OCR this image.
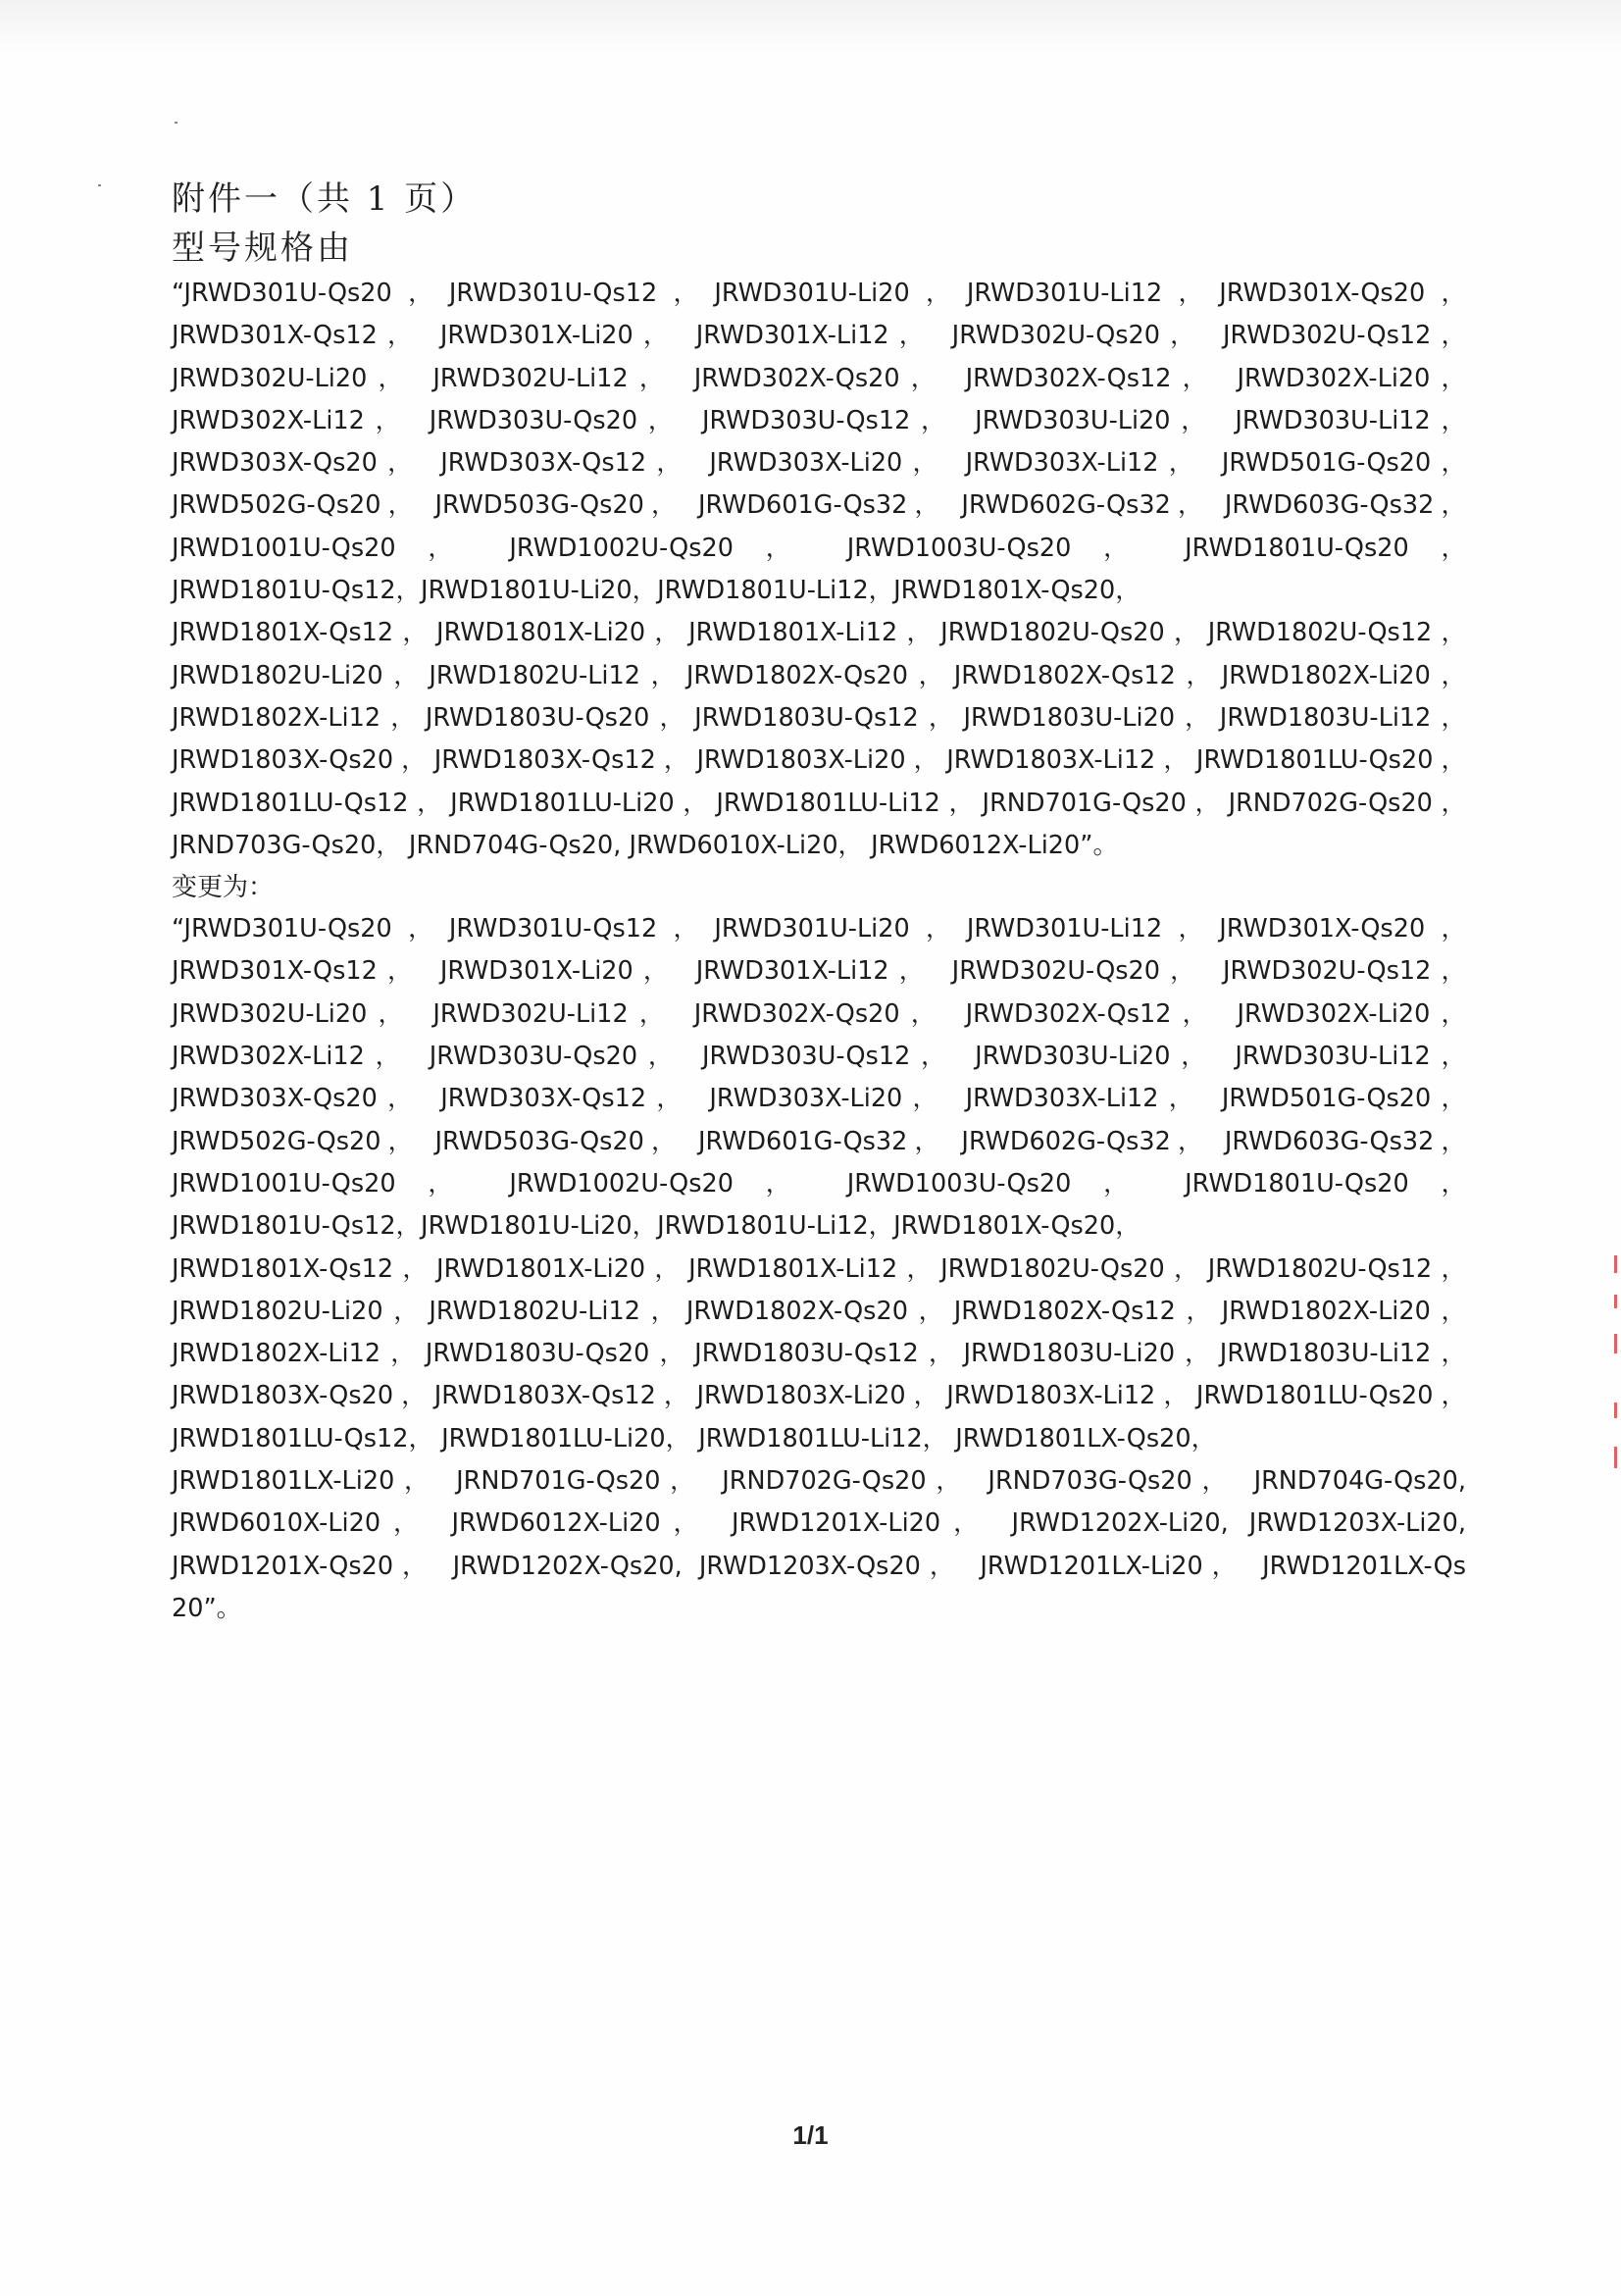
附件一（共 1 页）
型号规格由
“JRWD301U-Qs20，JRWD301U-Qs12，JRWD301U-Li20，JRWD301U-Li12，JRWD301X-Qs20，
JRWD301X-Qs12， JRWD301X-Li20， JRWD301X-Li12， JRWD302U-Qs20， JRWD302U-Qs12，
JRWD302U-Li20， JRWD302U-Li12， JRWD302X-Qs20， JRWD302X-Qs12， JRWD302X-Li20，
JRWD302X-Li12， JRWD303U-Qs20， JRWD303U-Qs12， JRWD303U-Li20， JRWD303U-Li12，
JRWD303X-Qs20， JRWD303X-Qs12， JRWD303X-Li20， JRWD303X-Li12， JRWD501G-Qs20，
JRWD502G-Qs20， JRWD503G-Qs20， JRWD601G-Qs32， JRWD602G-Qs32， JRWD603G-Qs32，
JRWD1001U-Qs20 ， JRWD1002U-Qs20 ， JRWD1003U-Qs20 ， JRWD1801U-Qs20 ，
JRWD1801U-Qs12，JRWD1801U-Li20，JRWD1801U-Li12，JRWD1801X-Qs20，
JRWD1801X-Qs12，JRWD1801X-Li20，JRWD1801X-Li12，JRWD1802U-Qs20，JRWD1802U-Qs12，
JRWD1802U-Li20，JRWD1802U-Li12，JRWD1802X-Qs20，JRWD1802X-Qs12，JRWD1802X-Li20，
JRWD1802X-Li12，JRWD1803U-Qs20，JRWD1803U-Qs12，JRWD1803U-Li20，JRWD1803U-Li12，
JRWD1803X-Qs20，JRWD1803X-Qs12，JRWD1803X-Li20，JRWD1803X-Li12，JRWD1801LU-Qs20，
JRWD1801LU-Qs12，JRWD1801LU-Li20，JRWD1801LU-Li12，JRND701G-Qs20，JRND702G-Qs20，
JRND703G-Qs20， JRND704G-Qs20, JRWD6010X-Li20， JRWD6012X-Li20”。
变更为：
“JRWD301U-Qs20，JRWD301U-Qs12，JRWD301U-Li20，JRWD301U-Li12，JRWD301X-Qs20，
JRWD301X-Qs12， JRWD301X-Li20， JRWD301X-Li12， JRWD302U-Qs20， JRWD302U-Qs12，
JRWD302U-Li20， JRWD302U-Li12， JRWD302X-Qs20， JRWD302X-Qs12， JRWD302X-Li20，
JRWD302X-Li12， JRWD303U-Qs20， JRWD303U-Qs12， JRWD303U-Li20， JRWD303U-Li12，
JRWD303X-Qs20， JRWD303X-Qs12， JRWD303X-Li20， JRWD303X-Li12， JRWD501G-Qs20，
JRWD502G-Qs20， JRWD503G-Qs20， JRWD601G-Qs32， JRWD602G-Qs32， JRWD603G-Qs32，
JRWD1001U-Qs20 ， JRWD1002U-Qs20 ， JRWD1003U-Qs20 ， JRWD1801U-Qs20 ，
JRWD1801U-Qs12，JRWD1801U-Li20，JRWD1801U-Li12，JRWD1801X-Qs20，
JRWD1801X-Qs12，JRWD1801X-Li20，JRWD1801X-Li12，JRWD1802U-Qs20，JRWD1802U-Qs12，
JRWD1802U-Li20，JRWD1802U-Li12，JRWD1802X-Qs20，JRWD1802X-Qs12，JRWD1802X-Li20，
JRWD1802X-Li12，JRWD1803U-Qs20，JRWD1803U-Qs12，JRWD1803U-Li20，JRWD1803U-Li12，
JRWD1803X-Qs20，JRWD1803X-Qs12，JRWD1803X-Li20，JRWD1803X-Li12，JRWD1801LU-Qs20，
JRWD1801LU-Qs12， JRWD1801LU-Li20， JRWD1801LU-Li12， JRWD1801LX-Qs20，
JRWD1801LX-Li20， JRND701G-Qs20， JRND702G-Qs20， JRND703G-Qs20， JRND704G-Qs20,
JRWD6010X-Li20， JRWD6012X-Li20， JRWD1201X-Li20， JRWD1202X-Li20, JRWD1203X-Li20,
JRWD1201X-Qs20， JRWD1202X-Qs20, JRWD1203X-Qs20， JRWD1201LX-Li20， JRWD1201LX-Qs
20”。
1/1
